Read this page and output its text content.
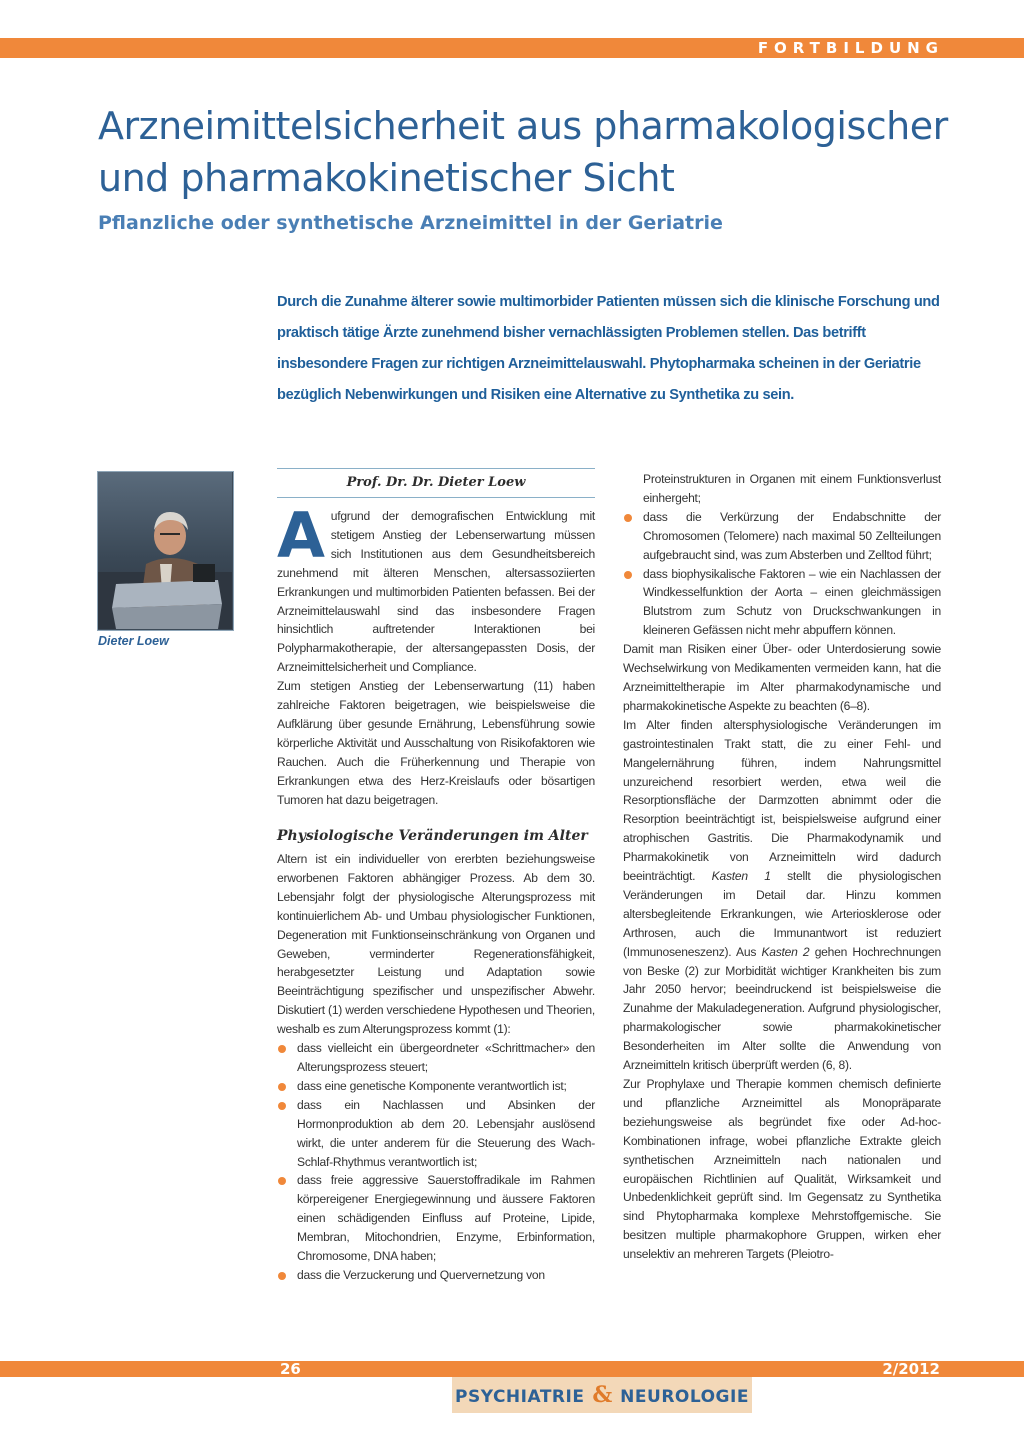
FORTBILDUNG
Arzneimittelsicherheit aus pharmakologischer und pharmakokinetischer Sicht
Pflanzliche oder synthetische Arzneimittel in der Geriatrie

Durch die Zunahme älterer sowie multimorbider Patienten müssen sich die klinische Forschung und praktisch tätige Ärzte zunehmend bisher vernachlässigten Problemen stellen. Das betrifft insbesondere Fragen zur richtigen Arzneimittelauswahl. Phytopharmaka scheinen in der Geriatrie bezüglich Nebenwirkungen und Risiken eine Alternative zu Synthetika zu sein.

Dieter Loew

Prof. Dr. Dr. Dieter Loew

Aufgrund der demografischen Entwicklung mit stetigem Anstieg der Lebenserwartung müssen sich Institutionen aus dem Gesundheitsbereich zunehmend mit älteren Menschen, altersassoziierten Erkrankungen und multimorbiden Patienten befassen. Bei der Arzneimittelauswahl sind das insbesondere Fragen hinsichtlich auftretender Interaktionen bei Polypharmakotherapie, der altersangepassten Dosis, der Arzneimittelsicherheit und Compliance.

Zum stetigen Anstieg der Lebenserwartung (11) haben zahlreiche Faktoren beigetragen, wie beispielsweise die Aufklärung über gesunde Ernährung, Lebensführung sowie körperliche Aktivität und Ausschaltung von Risikofaktoren wie Rauchen. Auch die Früherkennung und Therapie von Erkrankungen etwa des Herz-Kreislaufs oder bösartigen Tumoren hat dazu beigetragen.

Physiologische Veränderungen im Alter

Altern ist ein individueller von ererbten beziehungsweise erworbenen Faktoren abhängiger Prozess. Ab dem 30. Lebensjahr folgt der physiologische Alterungsprozess mit kontinuierlichem Ab- und Umbau physiologischer Funktionen, Degeneration mit Funktionseinschränkung von Organen und Geweben, verminderter Regenerationsfähigkeit, herabgesetzter Leistung und Adaptation sowie Beeinträchtigung spezifischer und unspezifischer Abwehr. Diskutiert (1) werden verschiedene Hypothesen und Theorien, weshalb es zum Alterungsprozess kommt (1):

dass vielleicht ein übergeordneter «Schrittmacher» den Alterungsprozess steuert;
dass eine genetische Komponente verantwortlich ist;
dass ein Nachlassen und Absinken der Hormonproduktion ab dem 20. Lebensjahr auslösend wirkt, die unter anderem für die Steuerung des Wach-Schlaf-Rhythmus verantwortlich ist;
dass freie aggressive Sauerstoffradikale im Rahmen körpereigener Energiegewinnung und äussere Faktoren einen schädigenden Einfluss auf Proteine, Lipide, Membran, Mitochondrien, Enzyme, Erbinformation, Chromosome, DNA haben;
dass die Verzuckerung und Quervernetzung von

Proteinstrukturen in Organen mit einem Funktionsverlust einhergeht;

dass die Verkürzung der Endabschnitte der Chromosomen (Telomere) nach maximal 50 Zellteilungen aufgebraucht sind, was zum Absterben und Zelltod führt;
dass biophysikalische Faktoren – wie ein Nachlassen der Windkesselfunktion der Aorta – einen gleichmässigen Blutstrom zum Schutz von Druckschwankungen in kleineren Gefässen nicht mehr abpuffern können.

Damit man Risiken einer Über- oder Unterdosierung sowie Wechselwirkung von Medikamenten vermeiden kann, hat die Arzneimitteltherapie im Alter pharmakodynamische und pharmakokinetische Aspekte zu beachten (6–8).

Im Alter finden altersphysiologische Veränderungen im gastrointestinalen Trakt statt, die zu einer Fehl- und Mangelernährung führen, indem Nahrungsmittel unzureichend resorbiert werden, etwa weil die Resorptionsfläche der Darmzotten abnimmt oder die Resorption beeinträchtigt ist, beispielsweise aufgrund einer atrophischen Gastritis. Die Pharmakodynamik und Pharmakokinetik von Arzneimitteln wird dadurch beeinträchtigt. Kasten 1 stellt die physiologischen Veränderungen im Detail dar. Hinzu kommen altersbegleitende Erkrankungen, wie Arteriosklerose oder Arthrosen, auch die Immunantwort ist reduziert (Immunoseneszenz). Aus Kasten 2 gehen Hochrechnungen von Beske (2) zur Morbidität wichtiger Krankheiten bis zum Jahr 2050 hervor; beeindruckend ist beispielsweise die Zunahme der Makuladegeneration. Aufgrund physiologischer, pharmakologischer sowie pharmakokinetischer Besonderheiten im Alter sollte die Anwendung von Arzneimitteln kritisch überprüft werden (6, 8).

Zur Prophylaxe und Therapie kommen chemisch definierte und pflanzliche Arzneimittel als Monopräparate beziehungsweise als begründet fixe oder Ad-hoc-Kombinationen infrage, wobei pflanzliche Extrakte gleich synthetischen Arzneimitteln nach nationalen und europäischen Richtlinien auf Qualität, Wirksamkeit und Unbedenklichkeit geprüft sind. Im Gegensatz zu Synthetika sind Phytopharmaka komplexe Mehrstoffgemische. Sie besitzen multiple pharmakophore Gruppen, wirken eher unselektiv an mehreren Targets (Pleiotro-

26	2/2012
PSYCHIATRIE & NEUROLOGIE
